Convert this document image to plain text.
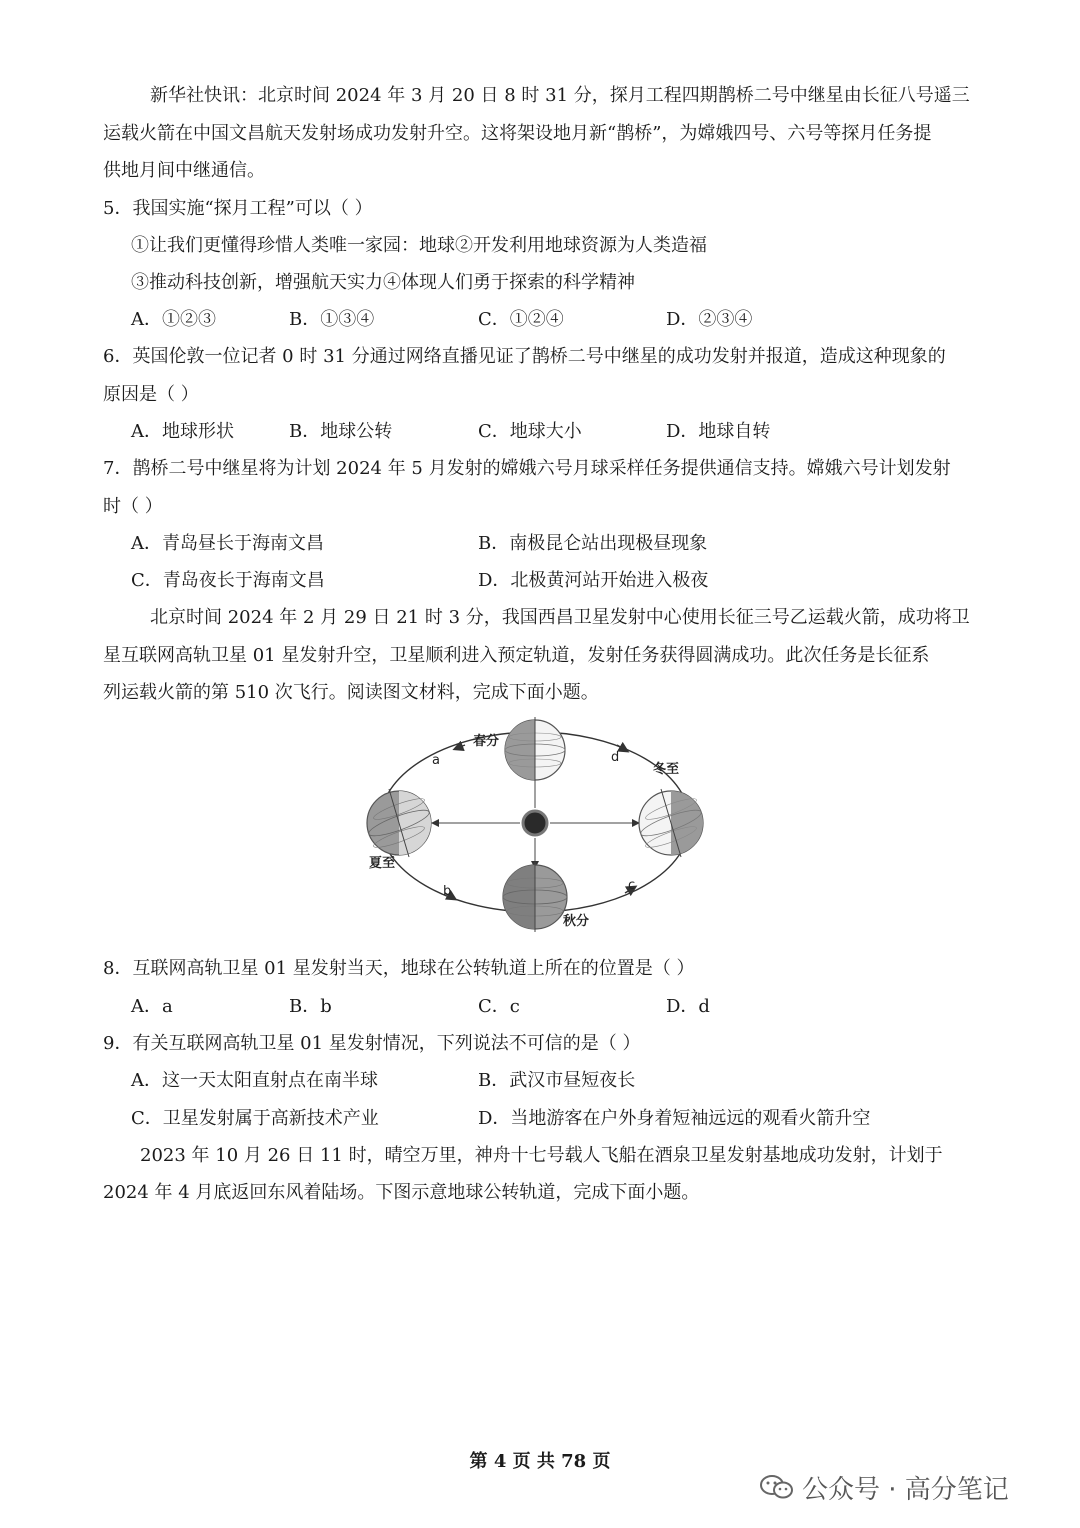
新华社快讯：北京时间 2024 年 3 月 20 日 8 时 31 分，探月工程四期鹊桥二号中继星由长征八号遥三
运载火箭在中国文昌航天发射场成功发射升空。这将架设地月新“鹊桥”，为嫦娥四号、六号等探月任务提
供地月间中继通信。
5．我国实施“探月工程”可以（ ）
①让我们更懂得珍惜人类唯一家园：地球②开发利用地球资源为人类造福
③推动科技创新，增强航天实力④体现人们勇于探索的科学精神
A．①②③	B．①③④	C．①②④	D．②③④
6．英国伦敦一位记者 0 时 31 分通过网络直播见证了鹊桥二号中继星的成功发射并报道，造成这种现象的
原因是（ ）
A．地球形状	B．地球公转	C．地球大小	D．地球自转
7．鹊桥二号中继星将为计划 2024 年 5 月发射的嫦娥六号月球采样任务提供通信支持。嫦娥六号计划发射
时（ ）
A．青岛昼长于海南文昌	B．南极昆仑站出现极昼现象
C．青岛夜长于海南文昌	D．北极黄河站开始进入极夜
北京时间 2024 年 2 月 29 日 21 时 3 分，我国西昌卫星发射中心使用长征三号乙运载火箭，成功将卫
星互联网高轨卫星 01 星发射升空，卫星顺利进入预定轨道，发射任务获得圆满成功。此次任务是长征系
列运载火箭的第 510 次飞行。阅读图文材料，完成下面小题。
春分
冬至
夏至
秋分
a
b	c
d
8．互联网高轨卫星 01 星发射当天，地球在公转轨道上所在的位置是（ ）
A．a	B．b	C．c	D．d
9．有关互联网高轨卫星 01 星发射情况，下列说法不可信的是（ ）
A．这一天太阳直射点在南半球	B．武汉市昼短夜长
C．卫星发射属于高新技术产业	D．当地游客在户外身着短袖远远的观看火箭升空
2023 年 10 月 26 日 11 时，晴空万里，神舟十七号载人飞船在酒泉卫星发射基地成功发射，计划于
2024 年 4 月底返回东风着陆场。下图示意地球公转轨道，完成下面小题。
第 4 页 共 78 页
公众号 · 高分笔记
